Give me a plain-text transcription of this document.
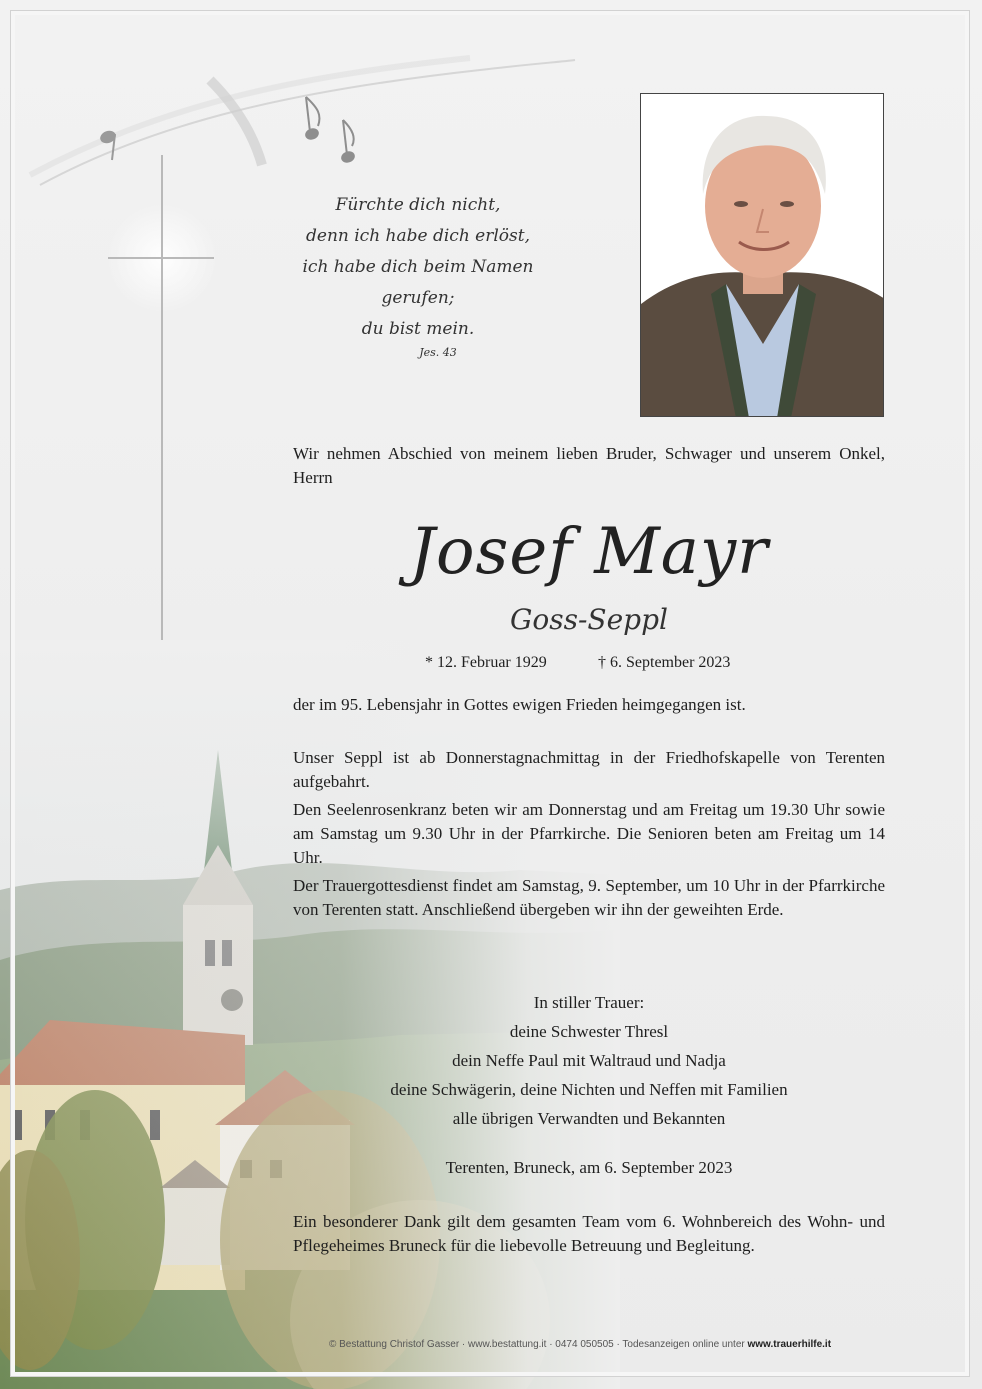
Fürchte dich nicht,
denn ich habe dich erlöst,
ich habe dich beim Namen gerufen;
du bist mein.
Jes. 43
Wir nehmen Abschied von meinem lieben Bruder, Schwager und unserem Onkel, Herrn
Josef Mayr
Goss-Seppl
* 12. Februar 1929	† 6. September 2023
der im 95. Lebensjahr in Gottes ewigen Frieden heimgegangen ist.

Unser Seppl ist ab Donnerstagnachmittag in der Friedhofskapelle von Terenten aufgebahrt.

Den Seelenrosenkranz beten wir am Donnerstag und am Freitag um 19.30 Uhr sowie am Samstag um 9.30 Uhr in der Pfarrkirche. Die Senioren beten am Freitag um 14 Uhr.

Der Trauergottesdienst findet am Samstag, 9. September, um 10 Uhr in der Pfarrkirche von Terenten statt. Anschließend übergeben wir ihn der geweihten Erde.

In stiller Trauer:
deine Schwester Thresl
dein Neffe Paul mit Waltraud und Nadja
deine Schwägerin, deine Nichten und Neffen mit Familien
alle übrigen Verwandten und Bekannten
Terenten, Bruneck, am 6. September 2023
Ein besonderer Dank gilt dem gesamten Team vom 6. Wohnbereich des Wohn- und Pflegeheimes Bruneck für die liebevolle Betreuung und Begleitung.
© Bestattung Christof Gasser · www.bestattung.it · 0474 050505 · Todesanzeigen online unter www.trauerhilfe.it
